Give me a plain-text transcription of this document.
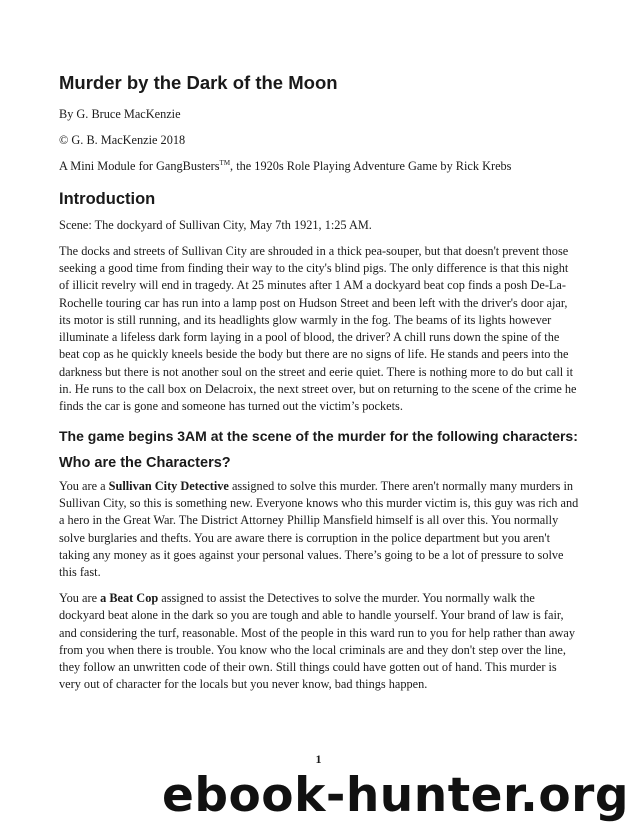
Murder by the Dark of the Moon

By G. Bruce MacKenzie

© G. B. MacKenzie 2018

A Mini Module for GangBusters™, the 1920s Role Playing Adventure Game by Rick Krebs

Introduction

Scene: The dockyard of Sullivan City, May 7th 1921, 1:25 AM.

The docks and streets of Sullivan City are shrouded in a thick pea-souper, but that doesn't prevent those seeking a good time from finding their way to the city's blind pigs. The only difference is that this night of illicit revelry will end in tragedy. At 25 minutes after 1 AM a dockyard beat cop finds a posh De-La-Rochelle touring car has run into a lamp post on Hudson Street and been left with the driver's door ajar, its motor is still running, and its headlights glow warmly in the fog. The beams of its lights however illuminate a lifeless dark form laying in a pool of blood, the driver? A chill runs down the spine of the beat cop as he quickly kneels beside the body but there are no signs of life. He stands and peers into the darkness but there is not another soul on the street and eerie quiet. There is nothing more to do but call it in. He runs to the call box on Delacroix, the next street over, but on returning to the scene of the crime he finds the car is gone and someone has turned out the victim’s pockets.

The game begins 3AM at the scene of the murder for the following characters:
Who are the Characters?

You are a Sullivan City Detective assigned to solve this murder. There aren't normally many murders in Sullivan City, so this is something new. Everyone knows who this murder victim is, this guy was rich and a hero in the Great War. The District Attorney Phillip Mansfield himself is all over this. You normally solve burglaries and thefts. You are aware there is corruption in the police department but you aren't taking any money as it goes against your personal values. There’s going to be a lot of pressure to solve this fast.

You are a Beat Cop assigned to assist the Detectives to solve the murder. You normally walk the dockyard beat alone in the dark so you are tough and able to handle yourself. Your brand of law is fair, and considering the turf, reasonable. Most of the people in this ward run to you for help rather than away from you when there is trouble. You know who the local criminals are and they don't step over the line, they follow an unwritten code of their own. Still things could have gotten out of hand. This murder is very out of character for the locals but you never know, bad things happen.

1
ebook-hunter.org
